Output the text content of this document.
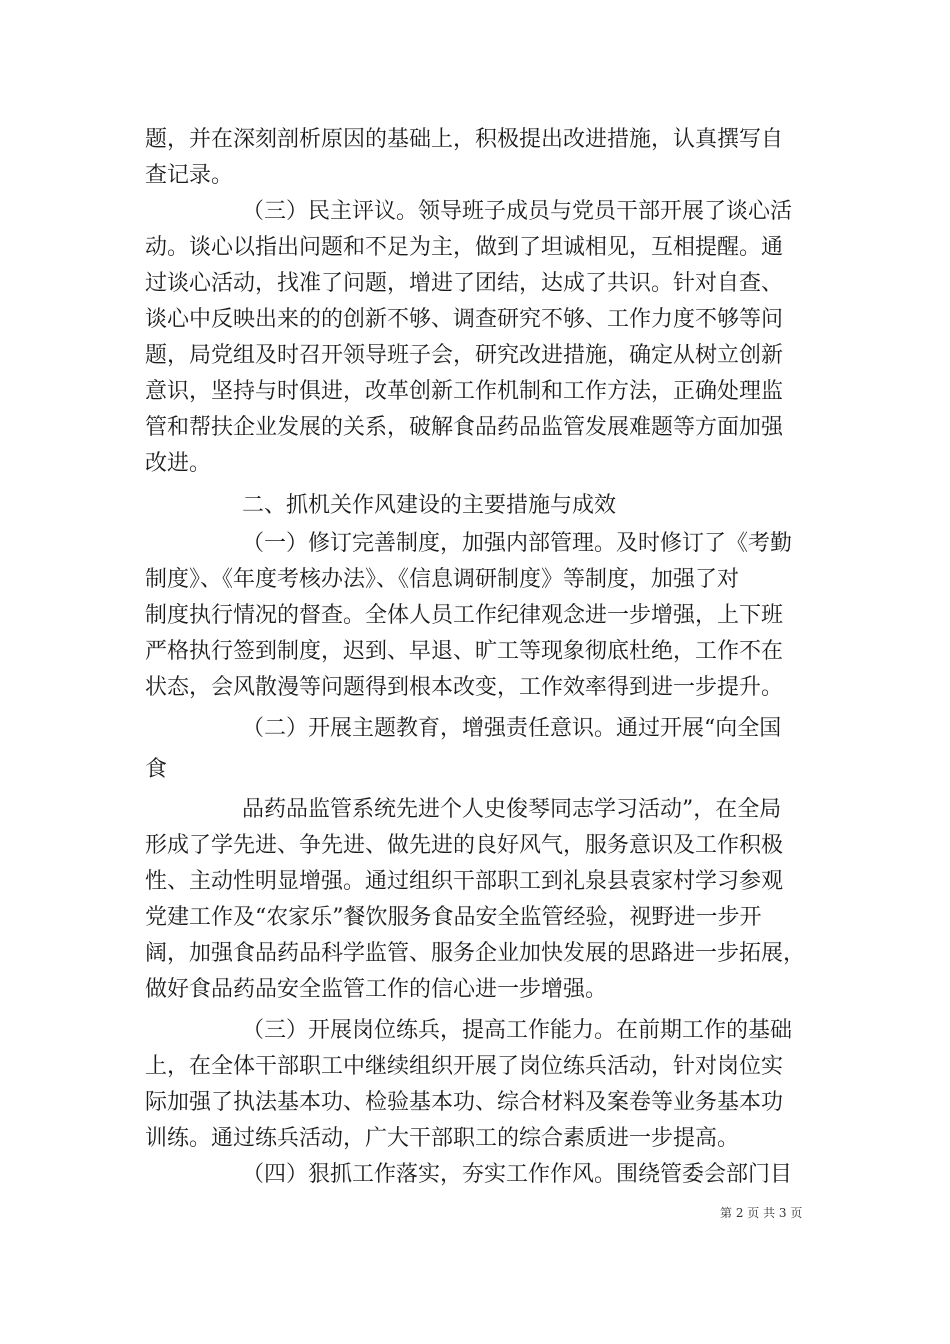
题，并在深刻剖析原因的基础上，积极提出改进措施，认真撰写自

查记录。

（三）民主评议。领导班子成员与党员干部开展了谈心活

动。谈心以指出问题和不足为主，做到了坦诚相见，互相提醒。通

过谈心活动，找准了问题，增进了团结，达成了共识。针对自查、

谈心中反映出来的的创新不够、调查研究不够、工作力度不够等问

题，局党组及时召开领导班子会，研究改进措施，确定从树立创新

意识，坚持与时俱进，改革创新工作机制和工作方法，正确处理监

管和帮扶企业发展的关系，破解食品药品监管发展难题等方面加强

改进。

二、抓机关作风建设的主要措施与成效

（一）修订完善制度，加强内部管理。及时修订了《考勤

制度》、《年度考核办法》、《信息调研制度》等制度，加强了对

制度执行情况的督查。全体人员工作纪律观念进一步增强，上下班

严格执行签到制度，迟到、早退、旷工等现象彻底杜绝，工作不在

状态，会风散漫等问题得到根本改变，工作效率得到进一步提升。

（二）开展主题教育，增强责任意识。通过开展“向全国

食

品药品监管系统先进个人史俊琴同志学习活动”，在全局

形成了学先进、争先进、做先进的良好风气，服务意识及工作积极

性、主动性明显增强。通过组织干部职工到礼泉县袁家村学习参观

党建工作及“农家乐”餐饮服务食品安全监管经验，视野进一步开

阔，加强食品药品科学监管、服务企业加快发展的思路进一步拓展，

做好食品药品安全监管工作的信心进一步增强。

（三）开展岗位练兵，提高工作能力。在前期工作的基础

上，在全体干部职工中继续组织开展了岗位练兵活动，针对岗位实

际加强了执法基本功、检验基本功、综合材料及案卷等业务基本功

训练。通过练兵活动，广大干部职工的综合素质进一步提高。

（四）狠抓工作落实，夯实工作作风。围绕管委会部门目

第 2 页 共 3 页
